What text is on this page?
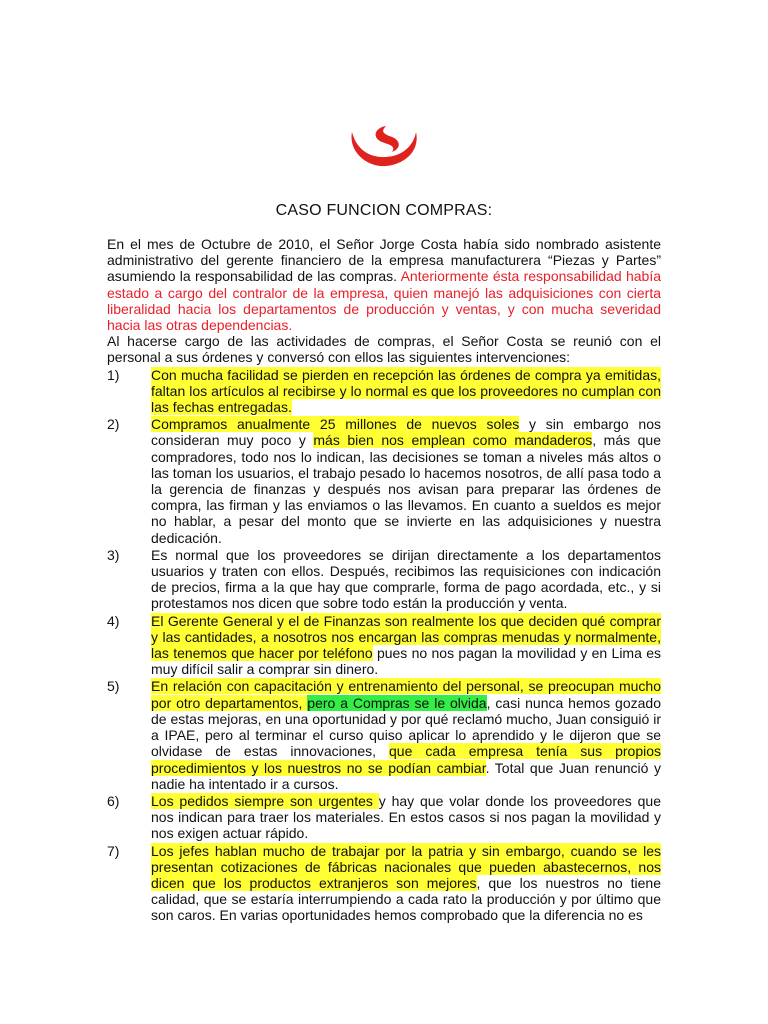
CASO FUNCION COMPRAS:
En el mes de Octubre de 2010, el Señor Jorge Costa había sido nombrado asistente administrativo del gerente financiero de la empresa manufacturera “Piezas y Partes” asumiendo la responsabilidad de las compras. Anteriormente ésta responsabilidad había estado a cargo del contralor de la empresa, quien manejó las adquisiciones con cierta liberalidad hacia los departamentos de producción y ventas, y con mucha severidad hacia las otras dependencias.
Al hacerse cargo de las actividades de compras, el Señor Costa se reunió con el personal a sus órdenes y conversó con ellos las siguientes intervenciones:
1)	Con mucha facilidad se pierden en recepción las órdenes de compra ya emitidas, faltan los artículos al recibirse y lo normal es que los proveedores no cumplan con las fechas entregadas.
2)	Compramos anualmente 25 millones de nuevos soles y sin embargo nos consideran muy poco y más bien nos emplean como mandaderos, más que compradores, todo nos lo indican, las decisiones se toman a niveles más altos o las toman los usuarios, el trabajo pesado lo hacemos nosotros, de allí pasa todo a la gerencia de finanzas y después nos avisan para preparar las órdenes de compra, las firman y las enviamos o las llevamos. En cuanto a sueldos es mejor no hablar, a pesar del monto que se invierte en las adquisiciones y nuestra dedicación.
3)	Es normal que los proveedores se dirijan directamente a los departamentos usuarios y traten con ellos. Después, recibimos las requisiciones con indicación de precios, firma a la que hay que comprarle, forma de pago acordada, etc., y si protestamos nos dicen que sobre todo están la producción y venta.
4)	El Gerente General y el de Finanzas son realmente los que deciden qué comprar y las cantidades, a nosotros nos encargan las compras menudas y normalmente, las tenemos que hacer por teléfono pues no nos pagan la movilidad y en Lima es muy difícil salir a comprar sin dinero.
5)	En relación con capacitación y entrenamiento del personal, se preocupan mucho por otro departamentos, pero a Compras se le olvida, casi nunca hemos gozado de estas mejoras, en una oportunidad y por qué reclamó mucho, Juan consiguió ir a IPAE, pero al terminar el curso quiso aplicar lo aprendido y le dijeron que se olvidase de estas innovaciones, que cada empresa tenía sus propios procedimientos y los nuestros no se podían cambiar. Total que Juan renunció y nadie ha intentado ir a cursos.
6)	Los pedidos siempre son urgentes y hay que volar donde los proveedores que nos indican para traer los materiales. En estos casos si nos pagan la movilidad y nos exigen actuar rápido.
7)	Los jefes hablan mucho de trabajar por la patria y sin embargo, cuando se les presentan cotizaciones de fábricas nacionales que pueden abastecernos, nos dicen que los productos extranjeros son mejores, que los nuestros no tiene calidad, que se estaría interrumpiendo a cada rato la producción y por último que son caros. En varias oportunidades hemos comprobado que la diferencia no es
